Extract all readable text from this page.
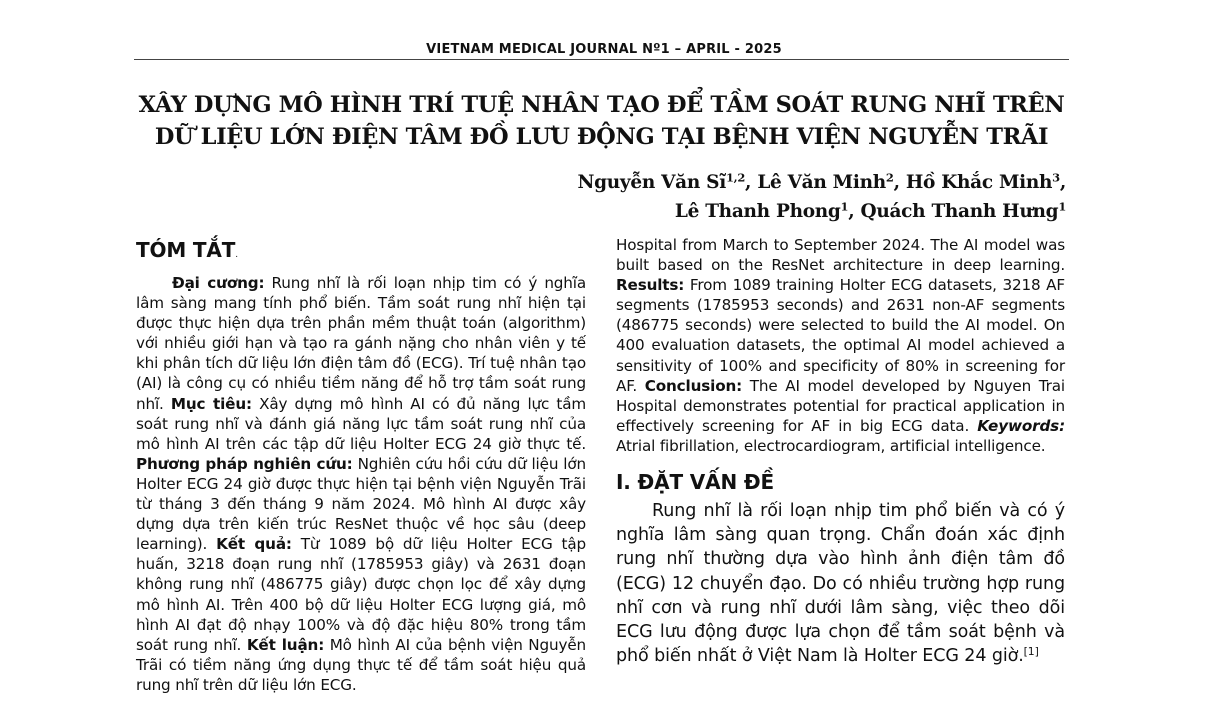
VIETNAM MEDICAL JOURNAL Nº1 – APRIL - 2025
XÂY DỰNG MÔ HÌNH TRÍ TUỆ NHÂN TẠO ĐỂ TẦM SOÁT RUNG NHĨ TRÊN
DỮ LIỆU LỚN ĐIỆN TÂM ĐỒ LƯU ĐỘNG TẠI BỆNH VIỆN NGUYỄN TRÃI
Nguyễn Văn Sĩ$^{1,2}$, Lê Văn Minh$^2$, Hồ Khắc Minh$^3$,
Lê Thanh Phong$^1$, Quách Thanh Hưng$^1$
TÓM TẮT.

Đại cương: Rung nhĩ là rối loạn nhịp tim có ý nghĩa lâm sàng mang tính phổ biến. Tầm soát rung nhĩ hiện tại được thực hiện dựa trên phần mềm thuật toán (algorithm) với nhiều giới hạn và tạo ra gánh nặng cho nhân viên y tế khi phân tích dữ liệu lớn điện tâm đồ (ECG). Trí tuệ nhân tạo (AI) là công cụ có nhiều tiềm năng để hỗ trợ tầm soát rung nhĩ. Mục tiêu: Xây dựng mô hình AI có đủ năng lực tầm soát rung nhĩ và đánh giá năng lực tầm soát rung nhĩ của mô hình AI trên các tập dữ liệu Holter ECG 24 giờ thực tế. Phương pháp nghiên cứu: Nghiên cứu hồi cứu dữ liệu lớn Holter ECG 24 giờ được thực hiện tại bệnh viện Nguyễn Trãi từ tháng 3 đến tháng 9 năm 2024. Mô hình AI được xây dựng dựa trên kiến trúc ResNet thuộc về học sâu (deep learning). Kết quả: Từ 1089 bộ dữ liệu Holter ECG tập huấn, 3218 đoạn rung nhĩ (1785953 giây) và 2631 đoạn không rung nhĩ (486775 giây) được chọn lọc để xây dựng mô hình AI. Trên 400 bộ dữ liệu Holter ECG lượng giá, mô hình AI đạt độ nhạy 100% và độ đặc hiệu 80% trong tầm soát rung nhĩ. Kết luận: Mô hình AI của bệnh viện Nguyễn Trãi có tiềm năng ứng dụng thực tế để tầm soát hiệu quả rung nhĩ trên dữ liệu lớn ECG.

Hospital from March to September 2024. The AI model was built based on the ResNet architecture in deep learning. Results: From 1089 training Holter ECG datasets, 3218 AF segments (1785953 seconds) and 2631 non-AF segments (486775 seconds) were selected to build the AI model. On 400 evaluation datasets, the optimal AI model achieved a sensitivity of 100% and specificity of 80% in screening for AF. Conclusion: The AI model developed by Nguyen Trai Hospital demonstrates potential for practical application in effectively screening for AF in big ECG data. Keywords: Atrial fibrillation, electrocardiogram, artificial intelligence.

I. ĐẶT VẤN ĐỀ

Rung nhĩ là rối loạn nhịp tim phổ biến và có ý nghĩa lâm sàng quan trọng. Chẩn đoán xác định rung nhĩ thường dựa vào hình ảnh điện tâm đồ (ECG) 12 chuyển đạo. Do có nhiều trường hợp rung nhĩ cơn và rung nhĩ dưới lâm sàng, việc theo dõi ECG lưu động được lựa chọn để tầm soát bệnh và phổ biến nhất ở Việt Nam là Holter ECG 24 giờ.[1]
